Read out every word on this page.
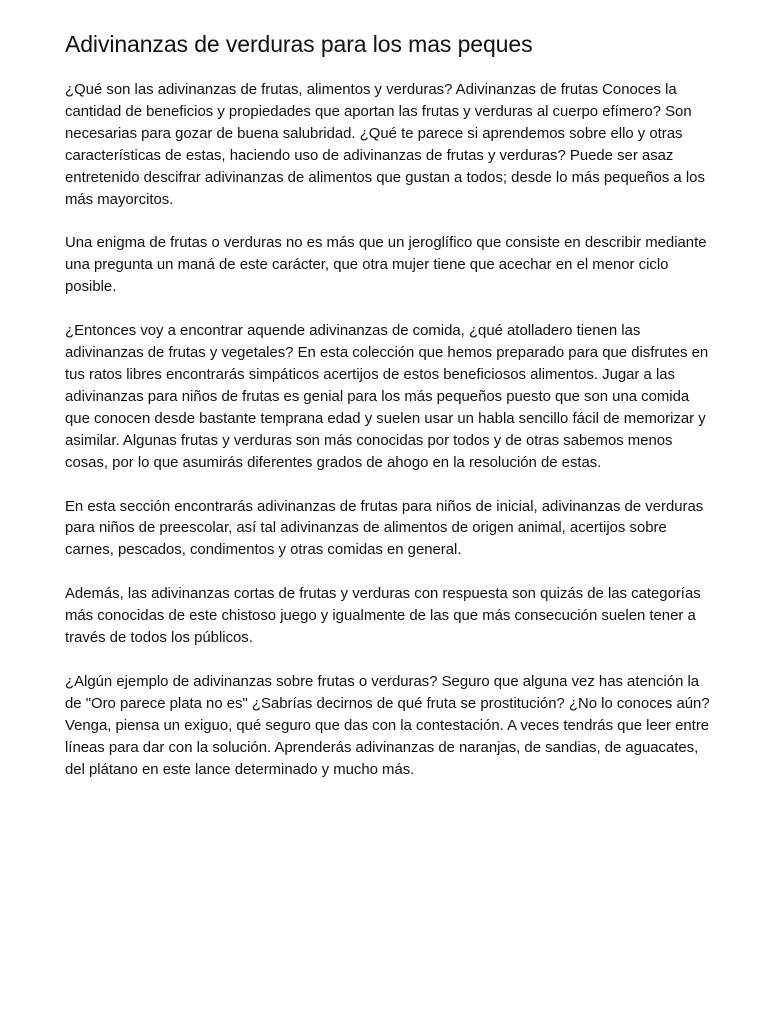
Adivinanzas de verduras para los mas peques

¿Qué son las adivinanzas de frutas, alimentos y verduras? Adivinanzas de frutas Conoces la cantidad de beneficios y propiedades que aportan las frutas y verduras al cuerpo efímero? Son necesarias para gozar de buena salubridad. ¿Qué te parece si aprendemos sobre ello y otras características de estas, haciendo uso de adivinanzas de frutas y verduras? Puede ser asaz entretenido descifrar adivinanzas de alimentos que gustan a todos; desde lo más pequeños a los más mayorcitos.

Una enigma de frutas o verduras no es más que un jeroglífico que consiste en describir mediante una pregunta un maná de este carácter, que otra mujer tiene que acechar en el menor ciclo posible.

¿Entonces voy a encontrar aquende adivinanzas de comida, ¿qué atolladero tienen las adivinanzas de frutas y vegetales? En esta colección que hemos preparado para que disfrutes en tus ratos libres encontrarás simpáticos acertijos de estos beneficiosos alimentos. Jugar a las adivinanzas para niños de frutas es genial para los más pequeños puesto que son una comida que conocen desde bastante temprana edad y suelen usar un habla sencillo fácil de memorizar y asimilar. Algunas frutas y verduras son más conocidas por todos y de otras sabemos menos cosas, por lo que asumirás diferentes grados de ahogo en la resolución de estas.

En esta sección encontrarás adivinanzas de frutas para niños de inicial, adivinanzas de verduras para niños de preescolar, así tal adivinanzas de alimentos de origen animal, acertijos sobre carnes, pescados, condimentos y otras comidas en general.

Además, las adivinanzas cortas de frutas y verduras con respuesta son quizás de las categorías más conocidas de este chistoso juego y igualmente de las que más consecución suelen tener a través de todos los públicos.

¿Algún ejemplo de adivinanzas sobre frutas o verduras? Seguro que alguna vez has atención la de "Oro parece plata no es" ¿Sabrías decirnos de qué fruta se prostitución? ¿No lo conoces aún? Venga, piensa un exiguo, qué seguro que das con la contestación. A veces tendrás que leer entre líneas para dar con la solución. Aprenderás adivinanzas de naranjas, de sandias, de aguacates, del plátano en este lance determinado y mucho más.
